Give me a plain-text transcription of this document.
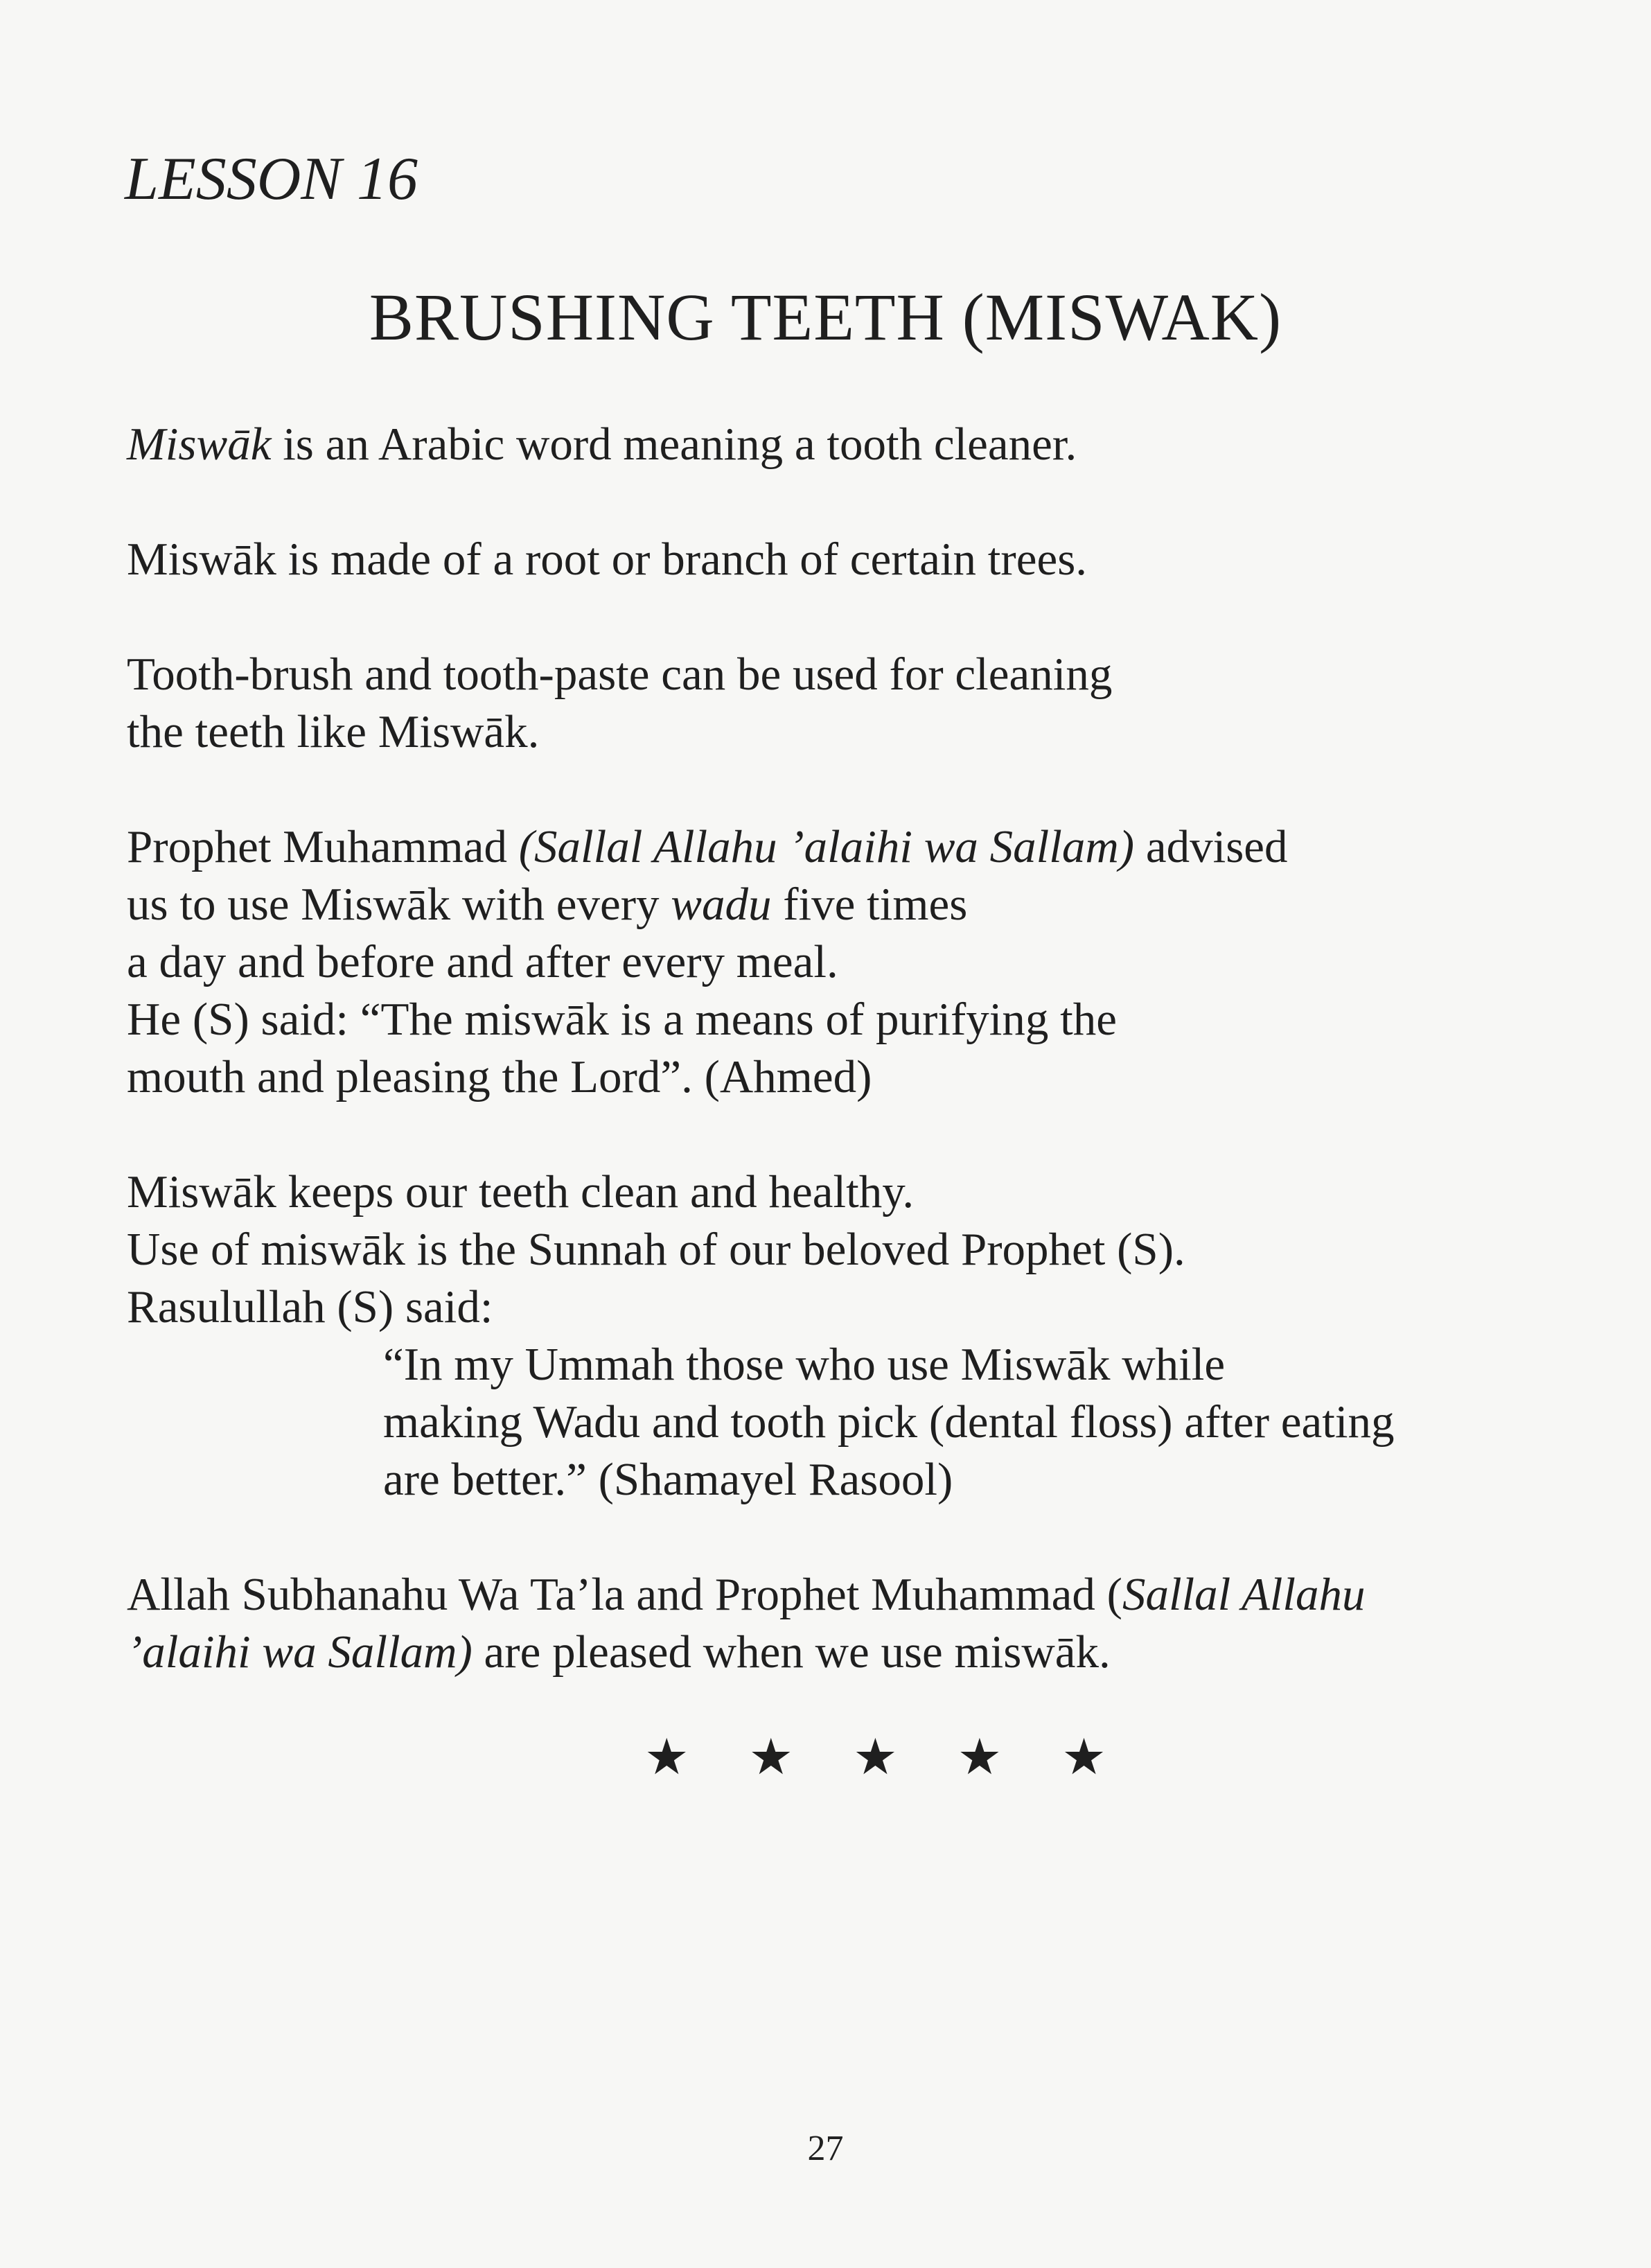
LESSON 16
BRUSHING TEETH (MISWAK)

Miswāk is an Arabic word meaning a tooth cleaner.

Miswāk is made of a root or branch of certain trees.

Tooth-brush and tooth-paste can be used for cleaning
the teeth like Miswāk.

Prophet Muhammad (Sallal Allahu ’alaihi wa Sallam) advised
us to use Miswāk with every wadu five times
a day and before and after every meal.
He (S) said: “The miswāk is a means of purifying the
mouth and pleasing the Lord”. (Ahmed)

Miswāk keeps our teeth clean and healthy.
Use of miswāk is the Sunnah of our beloved Prophet (S).
Rasulullah (S) said:

“In my Ummah those who use Miswāk while
making Wadu and tooth pick (dental floss) after eating
are better.” (Shamayel Rasool)

Allah Subhanahu Wa Ta’la and Prophet Muhammad (Sallal Allahu
’alaihi wa Sallam) are pleased when we use miswāk.

★ ★ ★ ★ ★
27
